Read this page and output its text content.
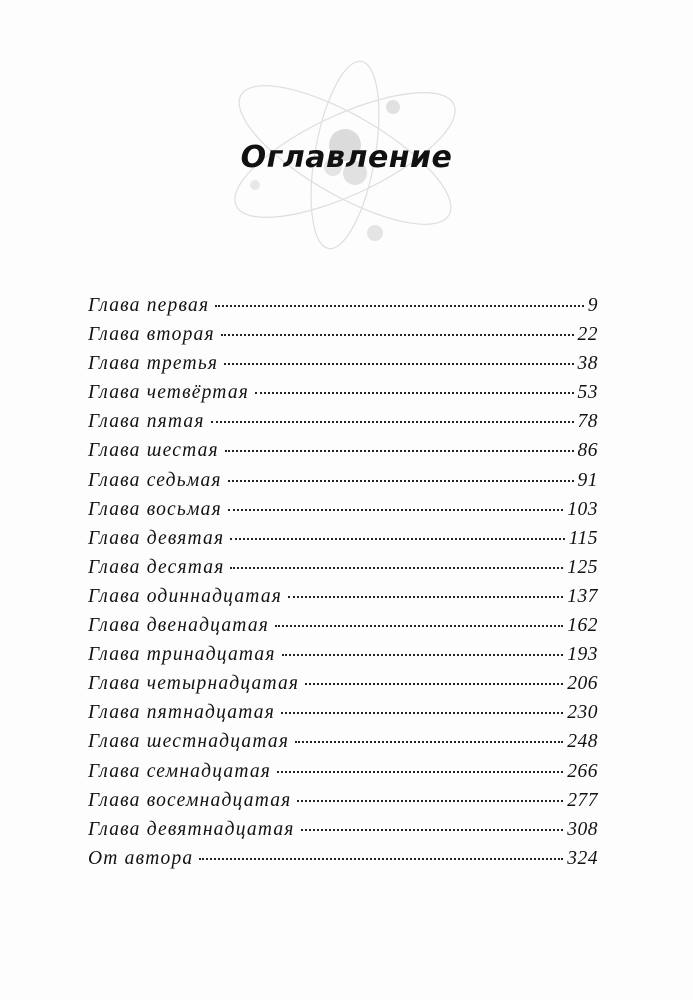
Оглавление
Глава первая	9
Глава вторая	22
Глава третья	38
Глава четвёртая	53
Глава пятая	78
Глава шестая	86
Глава седьмая	91
Глава восьмая	103
Глава девятая	115
Глава десятая	125
Глава одиннадцатая	137
Глава двенадцатая	162
Глава тринадцатая	193
Глава четырнадцатая	206
Глава пятнадцатая	230
Глава шестнадцатая	248
Глава семнадцатая	266
Глава восемнадцатая	277
Глава девятнадцатая	308
От автора	324
